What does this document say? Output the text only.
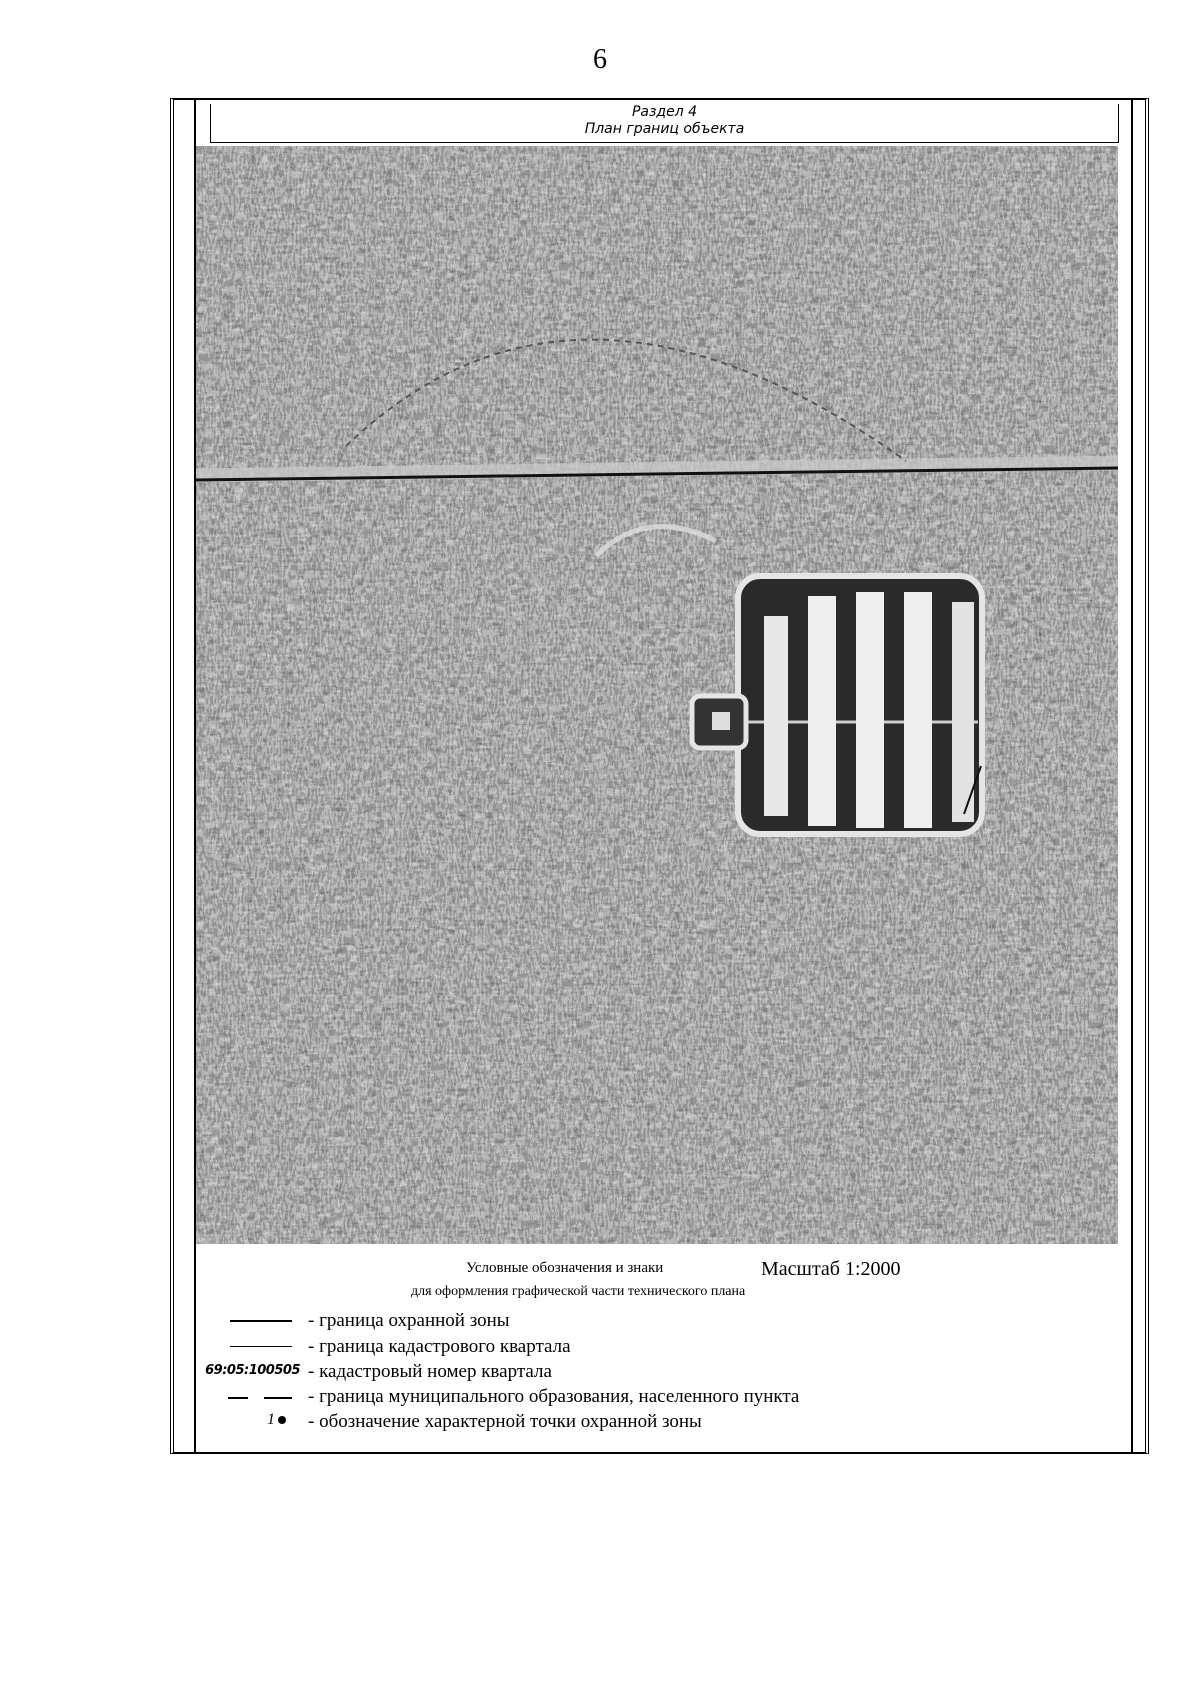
6
Раздел 4
План границ объекта
Условные обозначения и знаки	Масштаб 1:2000
для оформления графической части технического плана
- граница охранной зоны
- граница кадастрового квартала
69:05:100505 - кадастровый номер квартала
- граница муниципального образования, населенного пункта
1	- обозначение характерной точки охранной зоны
